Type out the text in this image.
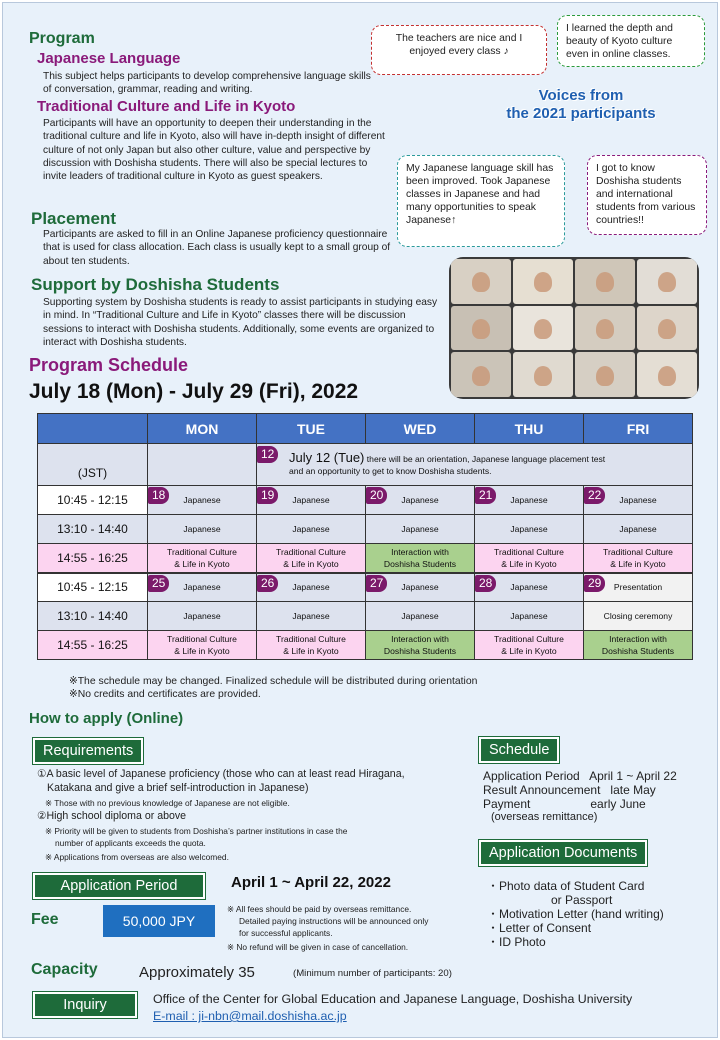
Program
Japanese Language
This subject helps participants to develop comprehensive language skills of conversation, grammar, reading and writing.
Traditional Culture and Life in Kyoto
Participants will have an opportunity to deepen their understanding in the traditional culture and life in Kyoto, also will have in-depth insight of different culture of not only Japan but also other culture, value and perspective by discussion with Doshisha students. There will also be special lectures to invite leaders of traditional culture in Kyoto as guest speakers.
Placement
Participants are asked to fill in an Online Japanese proficiency questionnaire that is used for class allocation. Each class is usually kept to a small group of about ten students.
Support by Doshisha Students
Supporting system by Doshisha students is ready to assist participants in studying easy in mind. In “Traditional Culture and Life in Kyoto” classes there will be discussion sessions to interact with Doshisha students. Additionally, some events are organized to interact with Doshisha students.
The teachers are nice and I enjoyed every class ♪
I learned the depth and beauty of Kyoto culture even in online classes.
Voices from
the 2021 participants
My Japanese language skill has been improved. Took Japanese classes in Japanese and had many opportunities to speak Japanese↑
I got to know Doshisha students and international students from various countries!!
Program Schedule
July 18 (Mon) - July 29 (Fri), 2022
	MON	TUE	WED	THU	FRI
(JST)		12 July 12 (Tue) there will be an orientation, Japanese language placement test
and an opportunity to get to know Doshisha students.			
10:45 - 12:15	18 Japanese	19 Japanese	20 Japanese	21 Japanese	22 Japanese
13:10 - 14:40	Japanese	Japanese	Japanese	Japanese	Japanese
14:55 - 16:25	Traditional Culture
& Life in Kyoto	Traditional Culture
& Life in Kyoto	Interaction with
Doshisha Students	Traditional Culture
& Life in Kyoto	Traditional Culture
& Life in Kyoto
10:45 - 12:15	25 Japanese	26 Japanese	27 Japanese	28 Japanese	29 Presentation
13:10 - 14:40	Japanese	Japanese	Japanese	Japanese	Closing ceremony
14:55 - 16:25	Traditional Culture
& Life in Kyoto	Traditional Culture
& Life in Kyoto	Interaction with
Doshisha Students	Traditional Culture
& Life in Kyoto	Interaction with
Doshisha Students
※The schedule may be changed. Finalized schedule will be distributed during orientation
※No credits and certificates are provided.
How to apply (Online)
Requirements
①A basic level of Japanese proficiency (those who can at least read Hiragana,
Katakana and give a brief self-introduction in Japanese)
※ Those with no previous knowledge of Japanese are not eligible.
②High school diploma or above
※ Priority will be given to students from Doshisha’s partner institutions in case the
number of applicants exceeds the quota.
※ Applications from overseas are also welcomed.
Schedule
Application Period   April 1 ~ April 22
Result Announcement   late May
Payment                  early June
(overseas remittance)
Application Documents
・Photo data of Student Card
or Passport
・Motivation Letter (hand writing)
・Letter of Consent
・ID Photo
Application Period	April 1 ~ April 22, 2022
Fee	50,000 JPY
※ All fees should be paid by overseas remittance.
Detailed paying instructions will be announced only
for successful applicants.
※ No refund will be given in case of cancellation.
Capacity	Approximately 35	(Minimum number of participants: 20)
Inquiry	Office of the Center for Global Education and Japanese Language, Doshisha University
E-mail : ji-nbn@mail.doshisha.ac.jp
